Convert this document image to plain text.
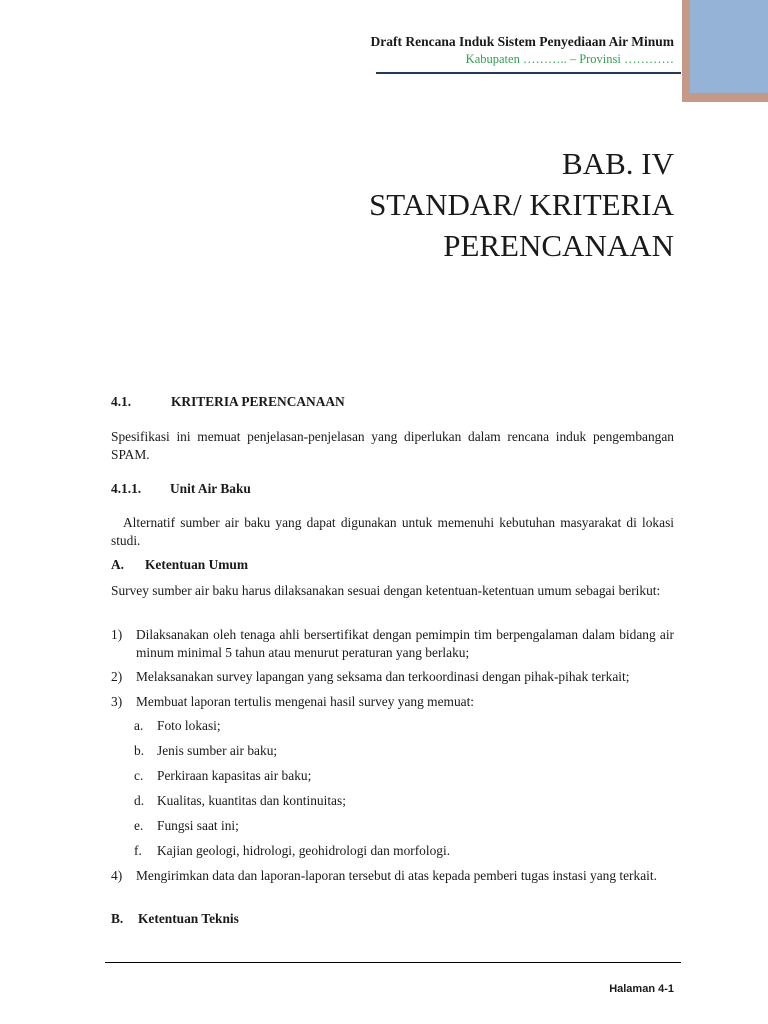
Draft Rencana Induk Sistem Penyediaan Air Minum
Kabupaten ……….. – Provinsi …………
BAB. IV
STANDAR/ KRITERIA
PERENCANAAN
4.1.	KRITERIA PERENCANAAN
Spesifikasi ini memuat penjelasan-penjelasan yang diperlukan dalam rencana induk pengembangan SPAM.
4.1.1. Unit Air Baku
Alternatif sumber air baku yang dapat digunakan untuk memenuhi kebutuhan masyarakat di lokasi studi.
A. Ketentuan Umum
Survey sumber air baku harus dilaksanakan sesuai dengan ketentuan-ketentuan umum sebagai berikut:
1) Dilaksanakan oleh tenaga ahli bersertifikat dengan pemimpin tim berpengalaman dalam bidang air minum minimal 5 tahun atau menurut peraturan yang berlaku;
2) Melaksanakan survey lapangan yang seksama dan terkoordinasi dengan pihak-pihak terkait;
3) Membuat laporan tertulis mengenai hasil survey yang memuat:
a. Foto lokasi;
b. Jenis sumber air baku;
c. Perkiraan kapasitas air baku;
d. Kualitas, kuantitas dan kontinuitas;
e. Fungsi saat ini;
f. Kajian geologi, hidrologi, geohidrologi dan morfologi.
4) Mengirimkan data dan laporan-laporan tersebut di atas kepada pemberi tugas instasi yang terkait.
B. Ketentuan Teknis
Halaman 4-1
